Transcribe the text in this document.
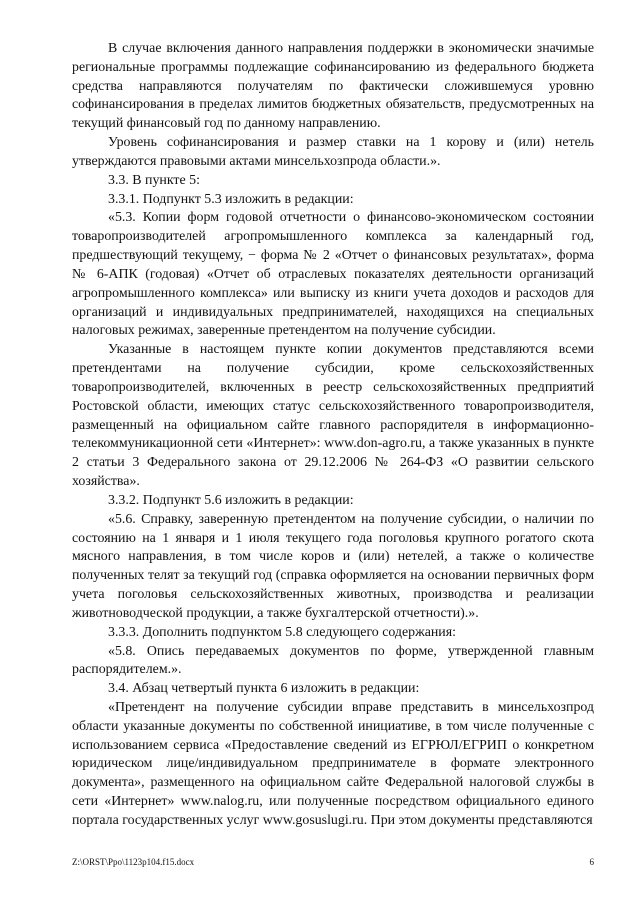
В случае включения данного направления поддержки в экономически значимые региональные программы подлежащие софинансированию из федерального бюджета средства направляются получателям по фактически сложившемуся уровню софинансирования в пределах лимитов бюджетных обязательств, предусмотренных на текущий финансовый год по данному направлению.

Уровень софинансирования и размер ставки на 1 корову и (или) нетель утверждаются правовыми актами минсельхозпрода области.».

3.3. В пункте 5:

3.3.1. Подпункт 5.3 изложить в редакции:

«5.3. Копии форм годовой отчетности о финансово-экономическом состоянии товаропроизводителей агропромышленного комплекса за календарный год, предшествующий текущему, − форма № 2 «Отчет о финансовых результатах», форма № 6-АПК (годовая) «Отчет об отраслевых показателях деятельности организаций агропромышленного комплекса» или выписку из книги учета доходов и расходов для организаций и индивидуальных предпринимателей, находящихся на специальных налоговых режимах, заверенные претендентом на получение субсидии.

Указанные в настоящем пункте копии документов представляются всеми претендентами на получение субсидии, кроме сельскохозяйственных товаропроизводителей, включенных в реестр сельскохозяйственных предприятий Ростовской области, имеющих статус сельскохозяйственного товаропроизводителя, размещенный на официальном сайте главного распорядителя в информационно-телекоммуникационной сети «Интернет»: www.don-agro.ru, а также указанных в пункте 2 статьи 3 Федерального закона от 29.12.2006 № 264-ФЗ «О развитии сельского хозяйства».

3.3.2. Подпункт 5.6 изложить в редакции:

«5.6. Справку, заверенную претендентом на получение субсидии, о наличии по состоянию на 1 января и 1 июля текущего года поголовья крупного рогатого скота мясного направления, в том числе коров и (или) нетелей, а также о количестве полученных телят за текущий год (справка оформляется на основании первичных форм учета поголовья сельскохозяйственных животных, производства и реализации животноводческой продукции, а также бухгалтерской отчетности).».

3.3.3. Дополнить подпунктом 5.8 следующего содержания:

«5.8. Опись передаваемых документов по форме, утвержденной главным распорядителем.».

3.4. Абзац четвертый пункта 6 изложить в редакции:

«Претендент на получение субсидии вправе представить в минсельхозпрод области указанные документы по собственной инициативе, в том числе полученные с использованием сервиса «Предоставление сведений из ЕГРЮЛ/ЕГРИП о конкретном юридическом лице/индивидуальном предпринимателе в формате электронного документа», размещенного на официальном сайте Федеральной налоговой службы в сети «Интернет» www.nalog.ru, или полученные посредством официального единого портала государственных услуг www.gosuslugi.ru. При этом документы представляются

Z:\ORST\Ppo\1123p104.f15.docx	6
